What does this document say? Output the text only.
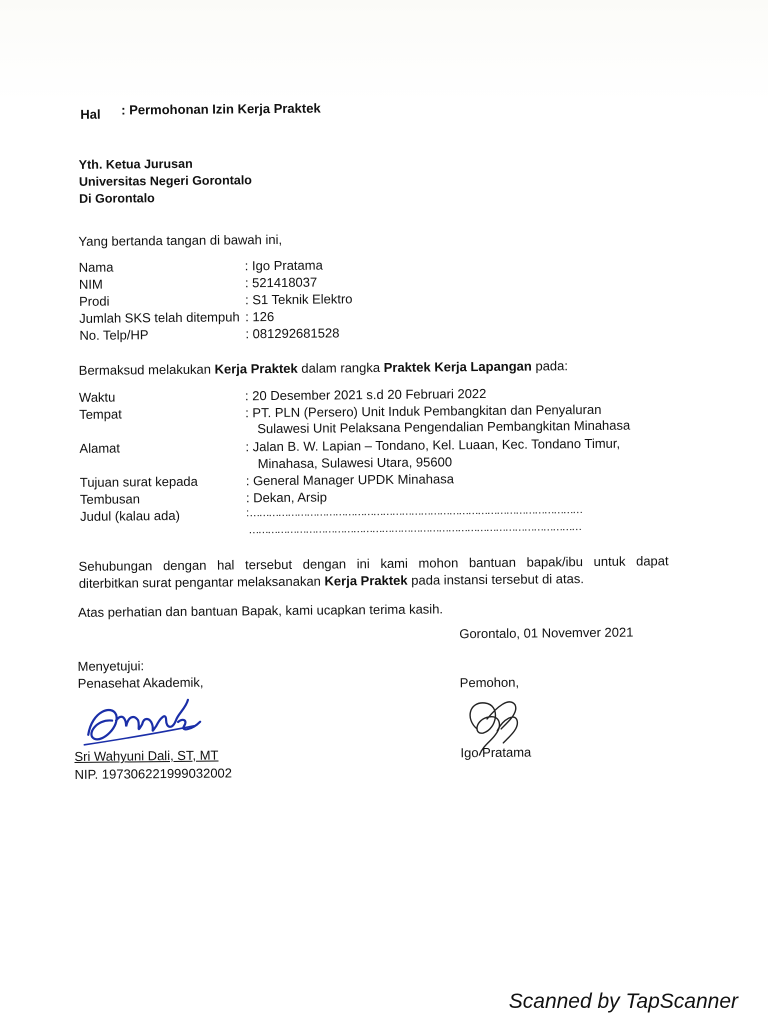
Hal : Permohonan Izin Kerja Praktek
Yth. Ketua Jurusan
Universitas Negeri Gorontalo
Di Gorontalo
Yang bertanda tangan di bawah ini,
Nama	: Igo Pratama
NIM	: 521418037
Prodi	: S1 Teknik Elektro
Jumlah SKS telah ditempuh : 126
No. Telp/HP	: 081292681528
Bermaksud melakukan Kerja Praktek dalam rangka Praktek Kerja Lapangan pada:
Waktu	: 20 Desember 2021 s.d 20 Februari 2022
Tempat	: PT. PLN (Persero) Unit Induk Pembangkitan dan Penyaluran
Sulawesi Unit Pelaksana Pengendalian Pembangkitan Minahasa
Alamat	: Jalan B. W. Lapian – Tondano, Kel. Luaan, Kec. Tondano Timur,
Minahasa, Sulawesi Utara, 95600
Tujuan surat kepada	: General Manager UPDK Minahasa
Tembusan	: Dekan, Arsip
Judul (kalau ada)	: ……………………………………………………………………………………………
……………………………………………………………………………………………
Sehubungan dengan hal tersebut dengan ini kami mohon bantuan bapak/ibu untuk dapat
diterbitkan surat pengantar melaksanakan Kerja Praktek pada instansi tersebut di atas.
Atas perhatian dan bantuan Bapak, kami ucapkan terima kasih.
Gorontalo, 01 Novemver 2021
Menyetujui:
Penasehat Akademik,
Sri Wahyuni Dali, ST, MT
NIP. 197306221999032002
Pemohon,
Igo Pratama
Scanned by TapScanner
